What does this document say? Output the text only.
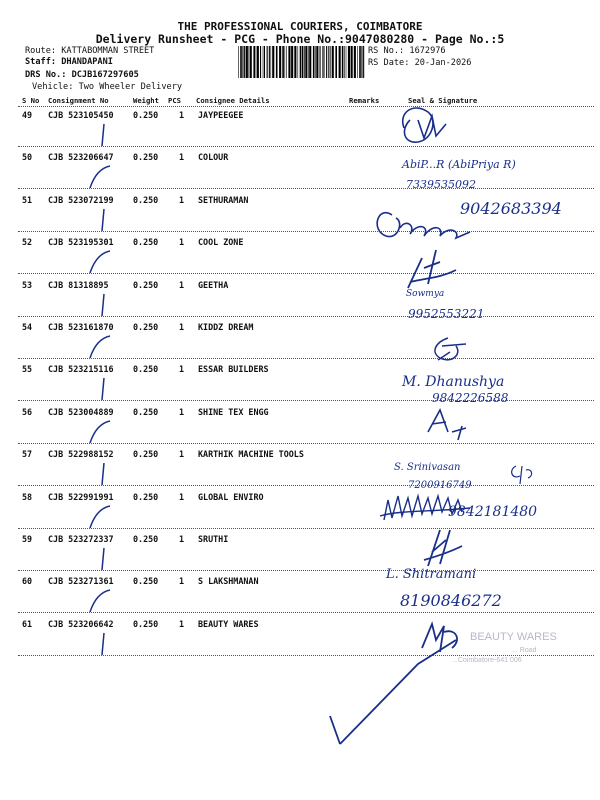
THE PROFESSIONAL COURIERS, COIMBATORE
Delivery Runsheet - PCG - Phone No.:9047080280 - Page No.:5
Route: KATTABOMMAN STREET
Staff: DHANDAPANI
DRS No.: DCJB167297605
Vehicle: Two Wheeler Delivery
RS No.: 1672976
RS Date: 20-Jan-2026
S No Consignment No	Weight PCS Consignee Details	Remarks	Seal & Signature
49 CJB 523105450 0.250 1 JAYPEEGEE
50 CJB 523206647 0.250 1 COLOUR
51 CJB 523072199 0.250 1 SETHURAMAN
52 CJB 523195301 0.250 1 COOL ZONE
53 CJB 81318895	0.250 1 GEETHA
54 CJB 523161870 0.250 1 KIDDZ DREAM
55 CJB 523215116 0.250 1 ESSAR BUILDERS
56 CJB 523004889 0.250 1 SHINE TEX ENGG
57 CJB 522988152 0.250 1 KARTHIK MACHINE TOOLS
58 CJB 522991991 0.250 1 GLOBAL ENVIRO
59 CJB 523272337 0.250 1 SRUTHI
60 CJB 523271361 0.250 1 S LAKSHMANAN
61 CJB 523206642 0.250 1 BEAUTY WARES
AbiP...R (AbiPriya R)
7339535092
9042683394
Sowmya
9952553221
M. Dhanushya
9842226588
S. Srinivasan
7200916749
9842181480
L. Shitramani
8190846272
BEAUTY WARES
... Road
...Coimbatore-641 006
